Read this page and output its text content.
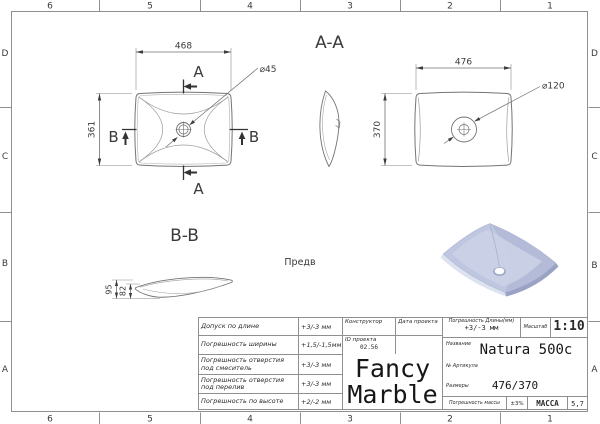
6	5	4	3	2	1
6	5	4	3	2	1
D
C
B
A
D
C
B
A
468
361
⌀45
A
A
B	B
A-A
⌀120
476
370
B-B
95 82
Предв
Допуск по длине	+3/-3 мм
Погрешность ширины	+1,5/-1,5мм
Погрешность отверстия под смеситель	+3/-3 мм
Погрешность отверстия под перелив	+3/-3 мм
Погрешность по высоте	+2/-2 мм
Конструктор	Дата проекта
ID проекта
02.56
Fancy
Marble
Погрешность Длины(мм)
+3/-3 мм	Масштаб 1:10
Название Natura 500c
№ Артикула
Размеры	476/370
Погрешность массы	±3%	МАССА	5,7
